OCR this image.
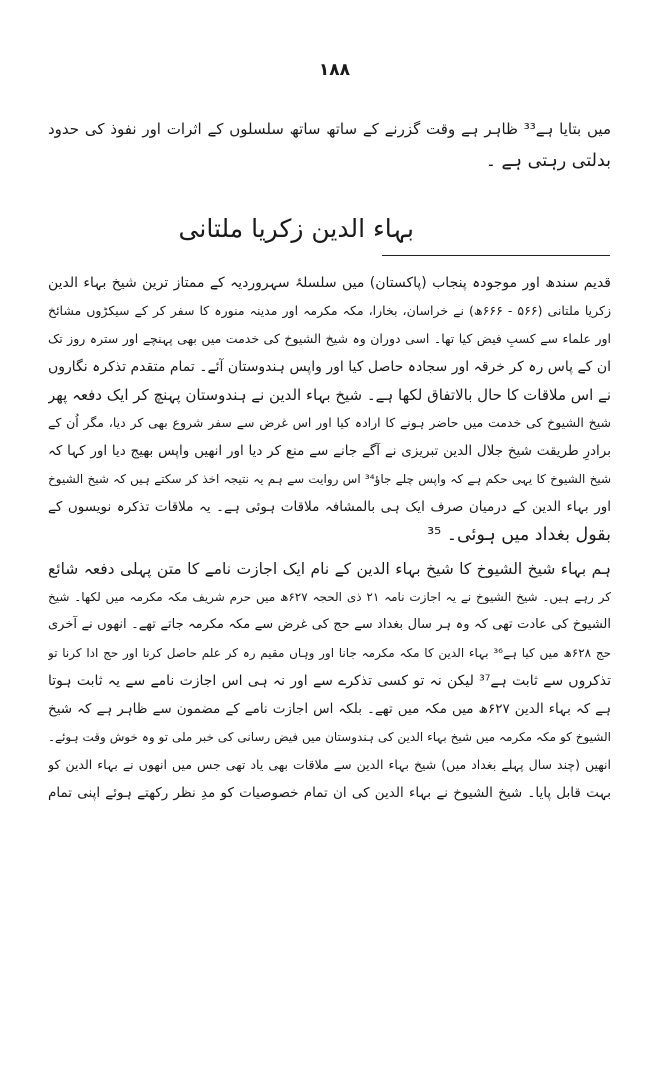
۱۸۸
میں بتایا ہے³³ ظاہر ہے وقت گزرنے کے ساتھ ساتھ سلسلوں کے اثرات اور نفوذ کی حدود
بدلتی رہتی ہے ۔
بہاء الدین زکریا ملتانی
قدیم سندھ اور موجودہ پنجاب (پاکستان) میں سلسلۂ سہروردیہ کے ممتاز ترین شیخ بہاء الدین
زکریا ملتانی (۵۶۶ - ۶۶۶ھ) نے خراسان، بخارا، مکہ مکرمہ اور مدینہ منورہ کا سفر کر کے سیکڑوں مشائخ
اور علماء سے کسبِ فیض کیا تھا۔ اسی دوران وہ شیخ الشیوخ کی خدمت میں بھی پہنچے اور سترہ روز تک
ان کے پاس رہ کر خرقہ اور سجادہ حاصل کیا اور واپس ہندوستان آئے۔ تمام متقدم تذکرہ نگاروں
نے اس ملاقات کا حال بالاتفاق لکھا ہے۔ شیخ بہاء الدین نے ہندوستان پہنچ کر ایک دفعہ پھر
شیخ الشیوخ کی خدمت میں حاضر ہونے کا ارادہ کیا اور اس غرض سے سفر شروع بھی کر دیا، مگر اُن کے
برادرِ طریقت شیخ جلال الدین تبریزی نے آگے جانے سے منع کر دیا اور انھیں واپس بھیج دیا اور کہا کہ
شیخ الشیوخ کا یہی حکم ہے کہ واپس چلے جاؤ³⁴ اس روایت سے ہم یہ نتیجہ اخذ کر سکتے ہیں کہ شیخ الشیوخ
اور بہاء الدین کے درمیان صرف ایک ہی بالمشافہ ملاقات ہوئی ہے۔ یہ ملاقات تذکرہ نویسوں کے
بقول بغداد میں ہوئی۔ ³⁵
ہم بہاء شیخ الشیوخ کا شیخ بہاء الدین کے نام ایک اجازت نامے کا متن پہلی دفعہ شائع
کر رہے ہیں۔ شیخ الشیوخ نے یہ اجازت نامہ ۲۱ ذی الحجہ ۶۲۷ھ میں حرم شریف مکہ مکرمہ میں لکھا۔ شیخ
الشیوخ کی عادت تھی کہ وہ ہر سال بغداد سے حج کی غرض سے مکہ مکرمہ جاتے تھے۔ انھوں نے آخری
حج ۶۲۸ھ میں کیا ہے³⁶ بہاء الدین کا مکہ مکرمہ جانا اور وہاں مقیم رہ کر علم حاصل کرنا اور حج ادا کرنا تو
تذکروں سے ثابت ہے³⁷ لیکن نہ تو کسی تذکرے سے اور نہ ہی اس اجازت نامے سے یہ ثابت ہوتا
ہے کہ بہاء الدین ۶۲۷ھ میں مکہ میں تھے۔ بلکہ اس اجازت نامے کے مضمون سے ظاہر ہے کہ شیخ
الشیوخ کو مکہ مکرمہ میں شیخ بہاء الدین کی ہندوستان میں فیض رسانی کی خبر ملی تو وہ خوش وقت ہوئے۔
انھیں (چند سال پہلے بغداد میں) شیخ بہاء الدین سے ملاقات بھی یاد تھی جس میں انھوں نے بہاء الدین کو
بہت قابل پایا۔ شیخ الشیوخ نے بہاء الدین کی ان تمام خصوصیات کو مدِ نظر رکھتے ہوئے اپنی تمام
